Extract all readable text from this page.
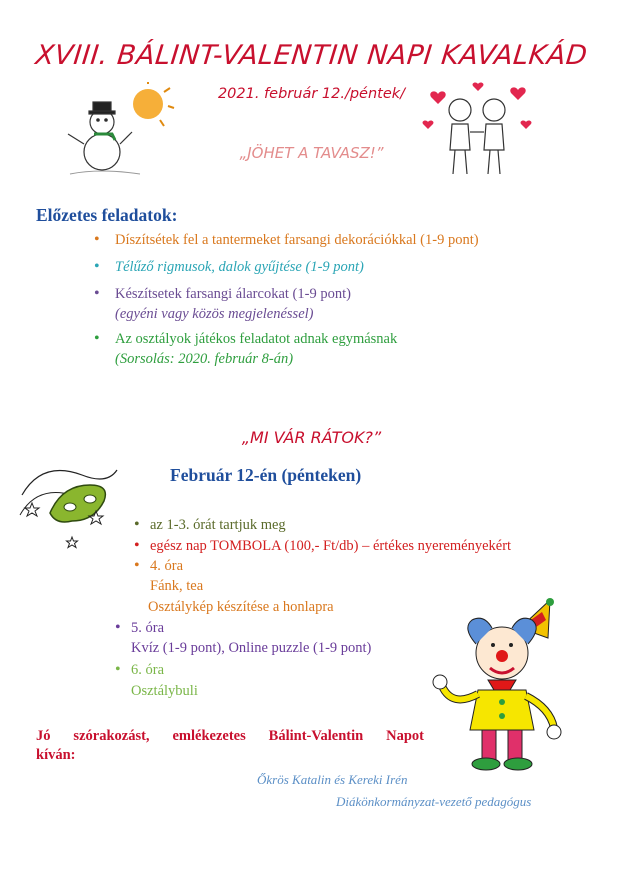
XVIII. BÁLINT-VALENTIN NAPI KAVALKÁD
2021. február 12./péntek/
„JÖHET A TAVASZ!”
Előzetes feladatok:
• Díszítsétek fel a tantermeket farsangi dekorációkkal (1-9 pont)
• Télűző rigmusok, dalok gyűjtése (1-9 pont)
• Készítsetek farsangi álarcokat (1-9 pont)
(egyéni vagy közös megjelenéssel)
• Az osztályok játékos feladatot adnak egymásnak
(Sorsolás: 2020. február 8-án)
„MI VÁR RÁTOK?”
Február 12-én (pénteken)
• az 1-3. órát tartjuk meg
• egész nap TOMBOLA (100,- Ft/db) – értékes nyereményekért
• 4. óra
Fánk, tea
Osztálykép készítése a honlapra
• 5. óra
Kvíz (1-9 pont), Online puzzle (1-9 pont)
• 6. óra
Osztálybuli
Jó szórakozást, emlékezetes Bálint-Valentin Napot
kíván:
Őkrös Katalin és Kereki Irén
Diákönkormányzat-vezető pedagógus
